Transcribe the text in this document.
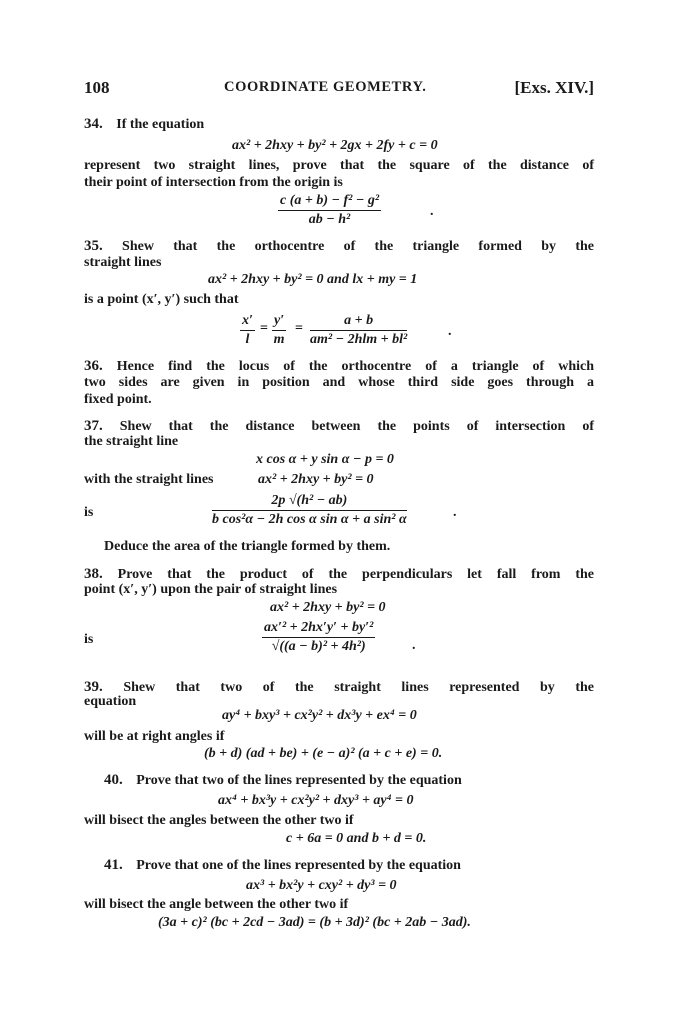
108	COORDINATE GEOMETRY.	[Exs. XIV.]
34. If the equation
ax² + 2hxy + by² + 2gx + 2fy + c = 0
represent two straight lines, prove that the square of the distance of
their point of intersection from the origin is
$\frac{\text{c (a + b) − f² − g²}}{\text{ab − h²}}$	.
35. Shew that the orthocentre of the triangle formed by the
straight lines
ax² + 2hxy + by² = 0 and lx + my = 1
is a point (x′, y′) such that
$\frac{x'}{l} = \frac{y'}{m}$ =
a + b
am² − 2hlm + bl²
.
36. Hence find the locus of the orthocentre of a triangle of which
two sides are given in position and whose third side goes through a
fixed point.
37. Shew that the distance between the points of intersection of
the straight line
x cos α + y sin α − p = 0
with the straight lines	ax² + 2hxy + by² = 0
is	$\frac{\text{2p √(h² − ab)}}{\text{b cos²α − 2h cos α sin α + a sin² α}}$	.
Deduce the area of the triangle formed by them.
38. Prove that the product of the perpendiculars let fall from the
point (x′, y′) upon the pair of straight lines
ax² + 2hxy + by² = 0
is	$\frac{\text{ax′² + 2hx′y′ + by′²}}{\text{√((a − b)² + 4h²)}}$	.
39. Shew that two of the straight lines represented by the
equation
ay⁴ + bxy³ + cx²y² + dx³y + ex⁴ = 0
will be at right angles if
(b + d) (ad + be) + (e − a)² (a + c + e) = 0.
40. Prove that two of the lines represented by the equation
ax⁴ + bx³y + cx²y² + dxy³ + ay⁴ = 0
will bisect the angles between the other two if
c + 6a = 0 and b + d = 0.
41. Prove that one of the lines represented by the equation
ax³ + bx²y + cxy² + dy³ = 0
will bisect the angle between the other two if
(3a + c)² (bc + 2cd − 3ad) = (b + 3d)² (bc + 2ab − 3ad).
